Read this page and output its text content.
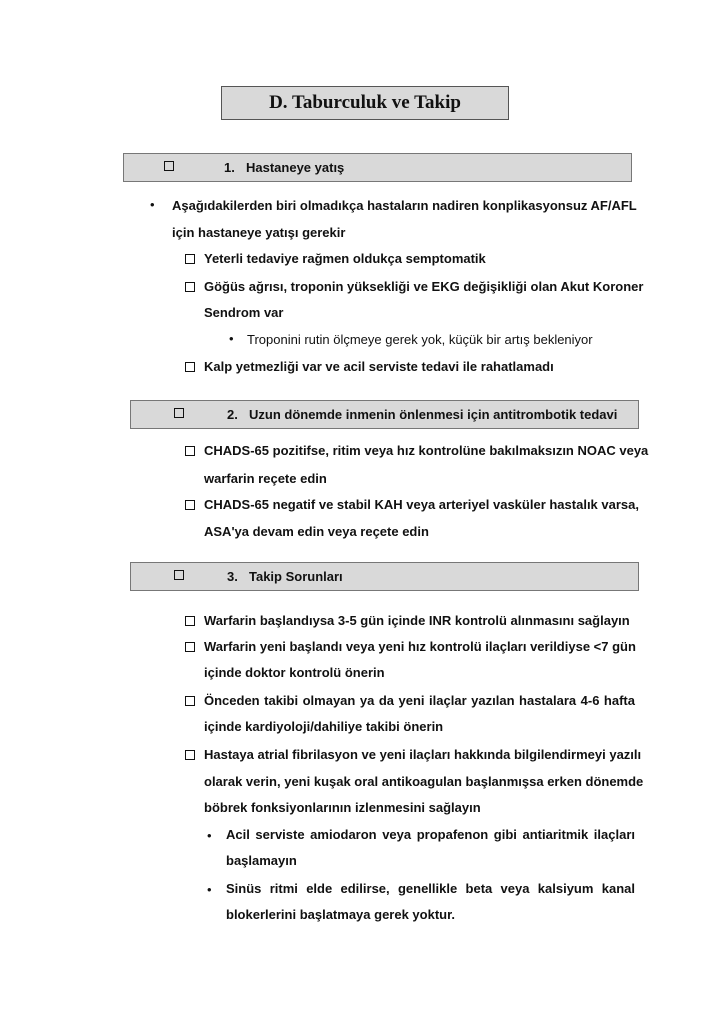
D. Taburculuk ve Takip
1. Hastaneye yatış
• Aşağıdakilerden biri olmadıkça hastaların nadiren konplikasyonsuz AF/AFL
için hastaneye yatışı gerekir
Yeterli tedaviye rağmen oldukça semptomatik
Göğüs ağrısı, troponin yüksekliği ve EKG değişikliği olan Akut Koroner
Sendrom var
• Troponini rutin ölçmeye gerek yok, küçük bir artış bekleniyor
Kalp yetmezliği var ve acil serviste tedavi ile rahatlamadı
2. Uzun dönemde inmenin önlenmesi için antitrombotik tedavi
CHADS-65 pozitifse, ritim veya hız kontrolüne bakılmaksızın NOAC veya
warfarin reçete edin
CHADS-65 negatif ve stabil KAH veya arteriyel vasküler hastalık varsa,
ASA'ya devam edin veya reçete edin
3. Takip Sorunları
Warfarin başlandıysa 3-5 gün içinde INR kontrolü alınmasını sağlayın
Warfarin yeni başlandı veya yeni hız kontrolü ilaçları verildiyse <7 gün
içinde doktor kontrolü önerin
Önceden takibi olmayan ya da yeni ilaçlar yazılan hastalara 4-6 hafta
içinde kardiyoloji/dahiliye takibi önerin
Hastaya atrial fibrilasyon ve yeni ilaçları hakkında bilgilendirmeyi yazılı
olarak verin, yeni kuşak oral antikoagulan başlanmışsa erken dönemde
böbrek fonksiyonlarının izlenmesini sağlayın
• Acil serviste amiodaron veya propafenon gibi antiaritmik ilaçları
başlamayın
• Sinüs ritmi elde edilirse, genellikle beta veya kalsiyum kanal
blokerlerini başlatmaya gerek yoktur.
